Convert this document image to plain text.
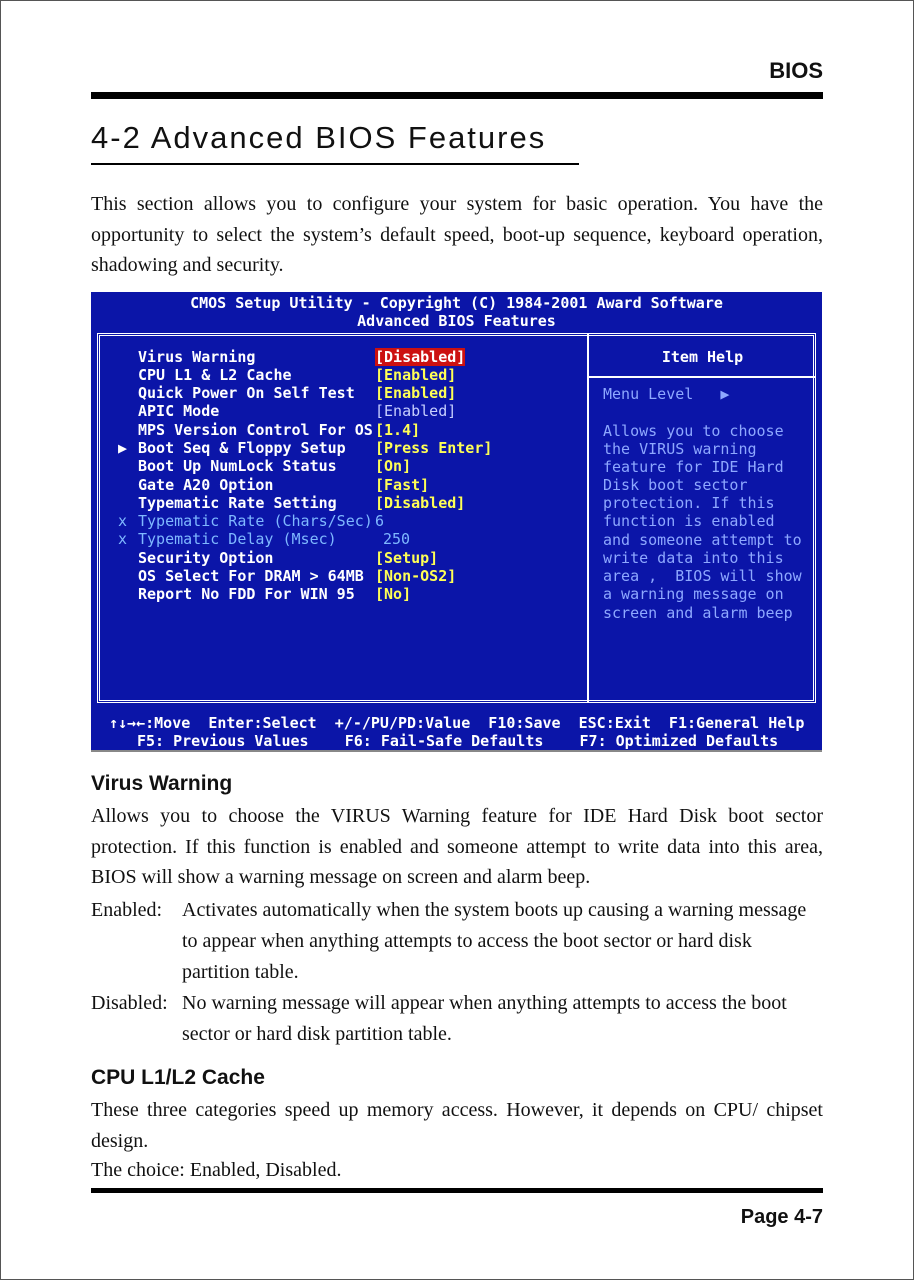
BIOS
4-2 Advanced BIOS Features
This section allows you to configure your system for basic operation. You have the opportunity to select the system’s default speed, boot-up sequence, keyboard operation, shadowing and security.
CMOS Setup Utility - Copyright (C) 1984-2001 Award Software
Advanced BIOS Features
Virus Warning	[Disabled]
CPU L1 & L2 Cache	[Enabled]
Quick Power On Self Test [Enabled]
APIC Mode	[Enabled]
MPS Version Control For OS [1.4]
▶ Boot Seq & Floppy Setup [Press Enter]
Boot Up NumLock Status	[On]
Gate A20 Option	[Fast]
Typematic Rate Setting	[Disabled]
x Typematic Rate (Chars/Sec) 6
x Typematic Delay (Msec)	250
Security Option	[Setup]
OS Select For DRAM > 64MB [Non-OS2]
Report No FDD For WIN 95 [No]
Item Help
Menu Level   ▶
Allows you to choose
the VIRUS warning
feature for IDE Hard
Disk boot sector
protection. If this
function is enabled
and someone attempt to
write data into this
area ,  BIOS will show
a warning message on
screen and alarm beep
↑↓→←:Move  Enter:Select  +/-/PU/PD:Value  F10:Save  ESC:Exit  F1:General Help
F5: Previous Values    F6: Fail-Safe Defaults    F7: Optimized Defaults
Virus Warning
Allows you to choose the VIRUS Warning feature for IDE Hard Disk boot sector protection. If this function is enabled and someone attempt to write data into this area, BIOS will show a warning message on screen and alarm beep.
Enabled: Activates automatically when the system boots up causing a warning message to appear when anything attempts to access the boot sector or hard disk partition table.
Disabled: No warning message will appear when anything attempts to access the boot sector or hard disk partition table.
CPU L1/L2 Cache
These three categories speed up memory access. However, it depends on CPU/ chipset design.
The choice: Enabled, Disabled.
Page 4-7
